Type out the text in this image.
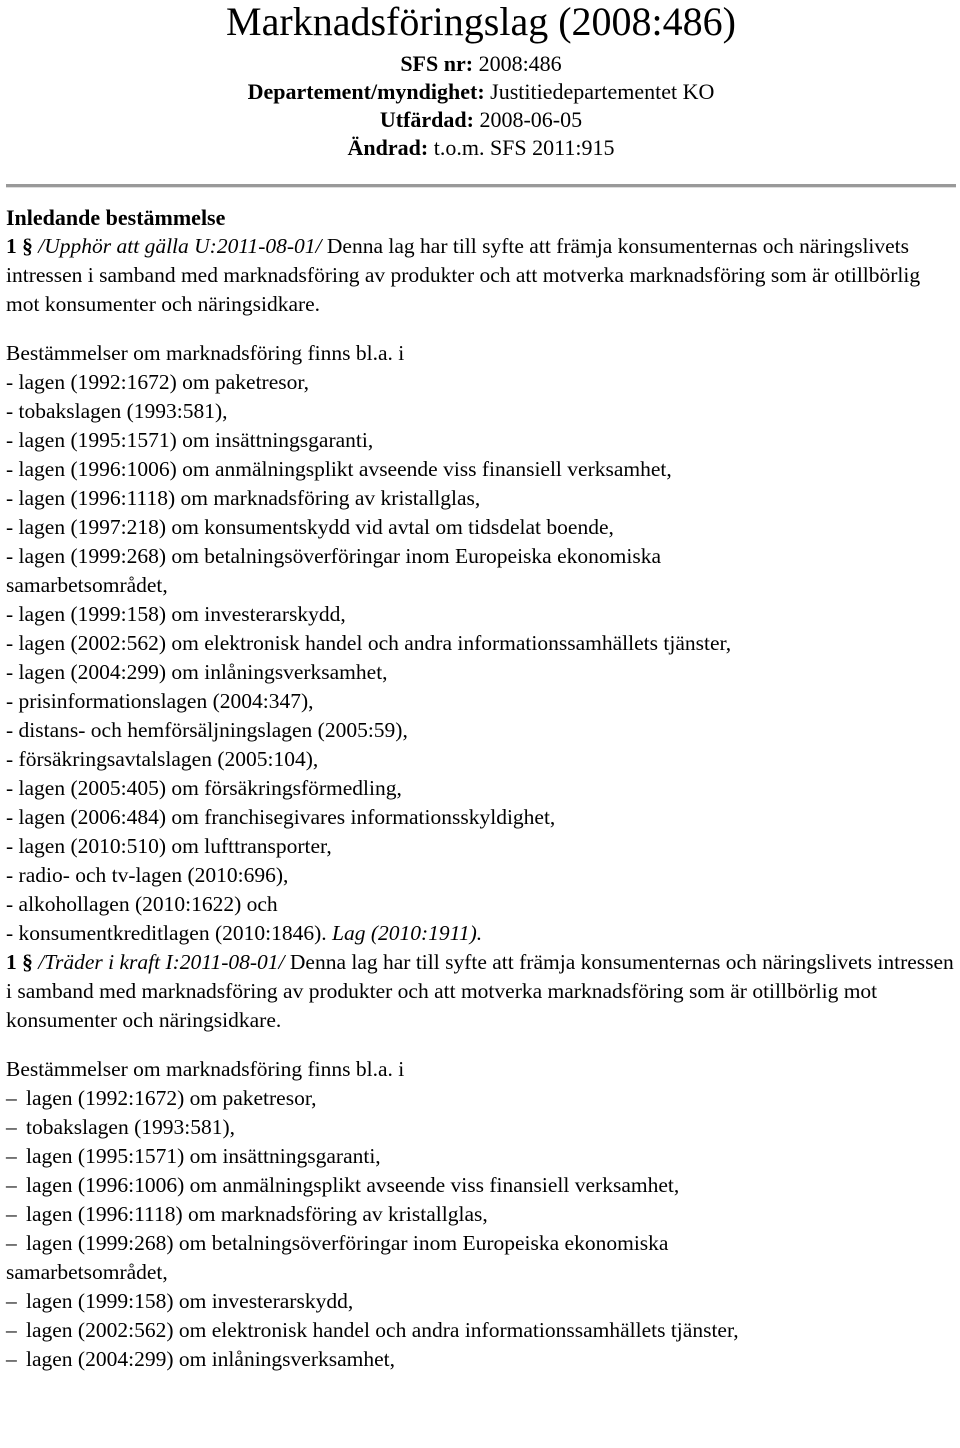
Marknadsföringslag (2008:486)
SFS nr: 2008:486
Departement/myndighet: Justitiedepartementet KO
Utfärdad: 2008-06-05
Ändrad: t.o.m. SFS 2011:915
Inledande bestämmelse

1 § /Upphör att gälla U:2011-08-01/ Denna lag har till syfte att främja konsumenternas och näringslivets intressen i samband med marknadsföring av produkter och att motverka marknadsföring som är otillbörlig mot konsumenter och näringsidkare.

Bestämmelser om marknadsföring finns bl.a. i
- lagen (1992:1672) om paketresor,
- tobakslagen (1993:581),
- lagen (1995:1571) om insättningsgaranti,
- lagen (1996:1006) om anmälningsplikt avseende viss finansiell verksamhet,
- lagen (1996:1118) om marknadsföring av kristallglas,
- lagen (1997:218) om konsumentskydd vid avtal om tidsdelat boende,
- lagen (1999:268) om betalningsöverföringar inom Europeiska ekonomiska samarbetsområdet,
- lagen (1999:158) om investerarskydd,
- lagen (2002:562) om elektronisk handel och andra informationssamhällets tjänster,
- lagen (2004:299) om inlåningsverksamhet,
- prisinformationslagen (2004:347),
- distans- och hemförsäljningslagen (2005:59),
- försäkringsavtalslagen (2005:104),
- lagen (2005:405) om försäkringsförmedling,
- lagen (2006:484) om franchisegivares informationsskyldighet,
- lagen (2010:510) om lufttransporter,
- radio- och tv-lagen (2010:696),
- alkohollagen (2010:1622) och
- konsumentkreditlagen (2010:1846). Lag (2010:1911).

1 § /Träder i kraft I:2011-08-01/ Denna lag har till syfte att främja konsumenternas och näringslivets intressen i samband med marknadsföring av produkter och att motverka marknadsföring som är otillbörlig mot konsumenter och näringsidkare.

Bestämmelser om marknadsföring finns bl.a. i
– lagen (1992:1672) om paketresor,
– tobakslagen (1993:581),
– lagen (1995:1571) om insättningsgaranti,
– lagen (1996:1006) om anmälningsplikt avseende viss finansiell verksamhet,
– lagen (1996:1118) om marknadsföring av kristallglas,
– lagen (1999:268) om betalningsöverföringar inom Europeiska ekonomiska samarbetsområdet,
– lagen (1999:158) om investerarskydd,
– lagen (2002:562) om elektronisk handel och andra informationssamhällets tjänster,
– lagen (2004:299) om inlåningsverksamhet,
